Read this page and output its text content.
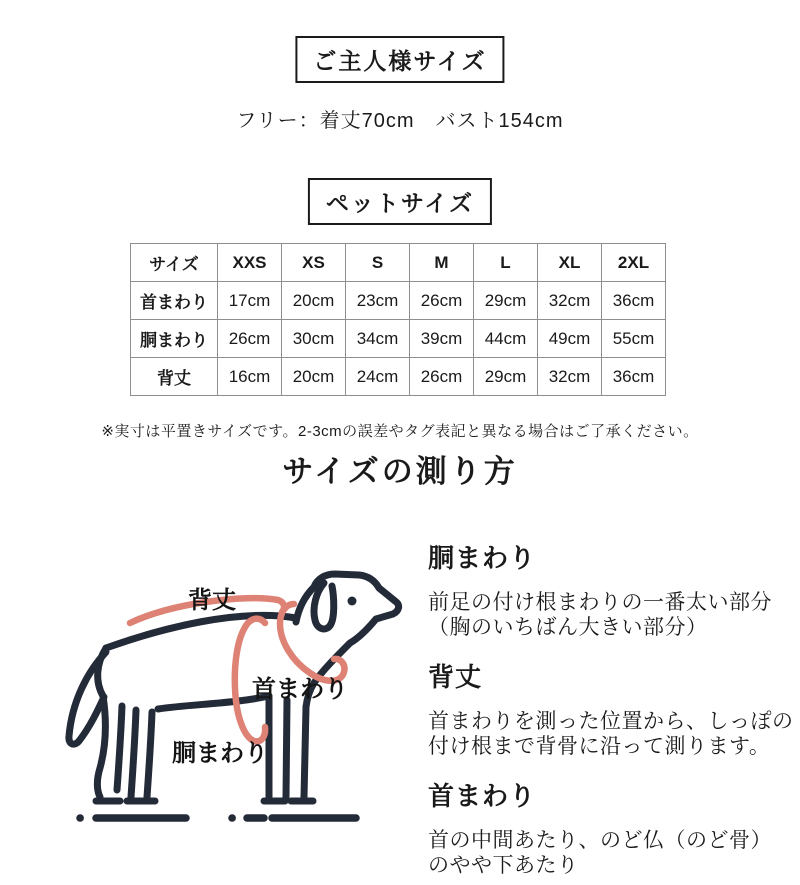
ご主人様サイズ
フリー：着丈70cm　バスト154cm
ペットサイズ
サイズ	XXS	XS	S	M	L	XL	2XL
首まわり	17cm	20cm	23cm	26cm	29cm	32cm	36cm
胴まわり	26cm	30cm	34cm	39cm	44cm	49cm	55cm
背丈	16cm	20cm	24cm	26cm	29cm	32cm	36cm
※実寸は平置きサイズです。2-3cmの誤差やタグ表記と異なる場合はご了承ください。
サイズの測り方
背丈
首まわり
胴まわり
胴まわり
前足の付け根まわりの一番太い部分
（胸のいちばん大きい部分）
背丈
首まわりを測った位置から、しっぽの
付け根まで背骨に沿って測ります。
首まわり
首の中間あたり、のど仏（のど骨）
のやや下あたり
